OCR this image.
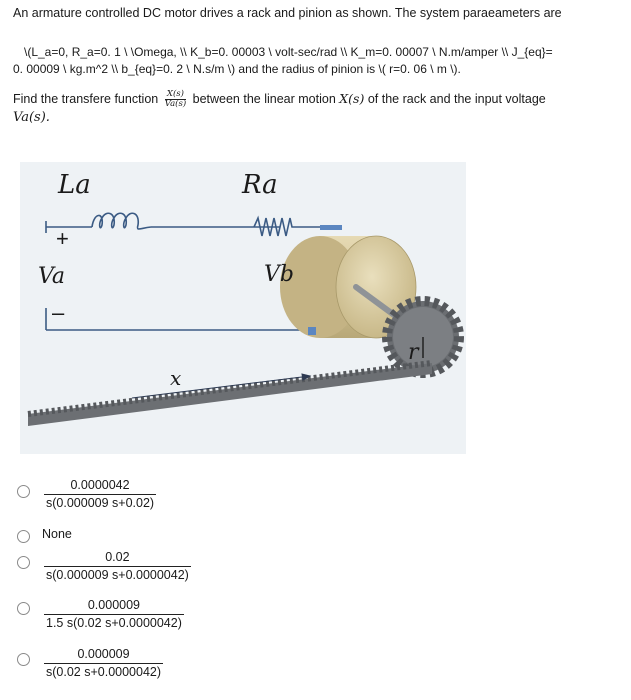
An armature controlled DC motor drives a rack and pinion as shown. The system paraeameters are
\(L_a=0, R_a=0. 1 \ \Omega, \\ K_b=0. 00003 \ volt-sec/rad \\ K_m=0. 00007 \ N.m/amper \\ J_{eq}=
0. 00009 \ kg.m^2 \\ b_{eq}=0. 2 \ N.s/m \) and the radius of pinion is \( r=0. 06 \ m \).
Find the transfere function $\frac{X(s)}{Va(s)}$ between the linear motion X(s) of the rack and the input voltage
Va(s).
La	Ra
+
Va
–
Vb
r
x
$\frac{0.0000042}{s(0.000009 s+0.02)}$
None
$\frac{0.02}{s(0.000009 s+0.0000042)}$
$\frac{0.000009}{1.5 s(0.02 s+0.0000042)}$
$\frac{0.000009}{s(0.02 s+0.0000042)}$
